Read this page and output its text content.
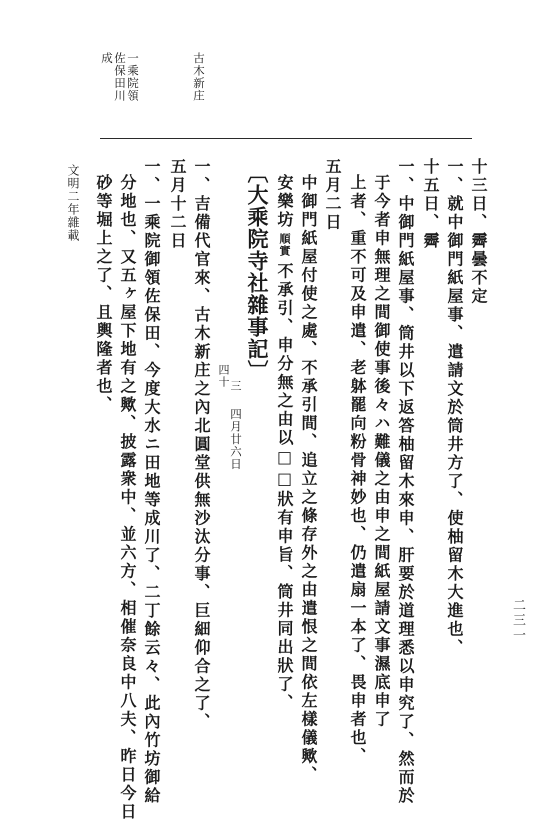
古木新庄
一乘院領
佐保田川
成
十三日、霽曇不定
一、就中御門紙屋事、遣請文於筒井方了、使柚留木大進也、
十五日、霽
一、中御門紙屋事、筒井以下返答柚留木來申、肝要於道理悉以申究了、然而於
于今者申無理之間御使事後々ハ難儀之由申之間紙屋請文事濕底申了
上者、重不可及申遣、老躰罷向粉骨神妙也、仍遣扇一本了、畏申者也、
五月二日
中御門紙屋付使之處、不承引間、追立之條存外之由遣恨之間依左樣儀歟、
安樂坊順實不承引、申分無之由以□□狀有申旨、筒井同出狀了、
〔大乘院寺社雜事記〕
四十 三
四月廿六日
一、吉備代官來、古木新庄之內北圓堂供無沙汰分事、巨細仰合之了、
五月十二日
一、一乘院御領佐保田、今度大水ニ田地等成川了、二丁餘云々、此內竹坊御給
分地也、又五ヶ屋下地有之歟、披露衆中、並六方、相催奈良中八夫、昨日今日
砂等堀上之了、且輿隆者也、
文明二年雜載
二三一
